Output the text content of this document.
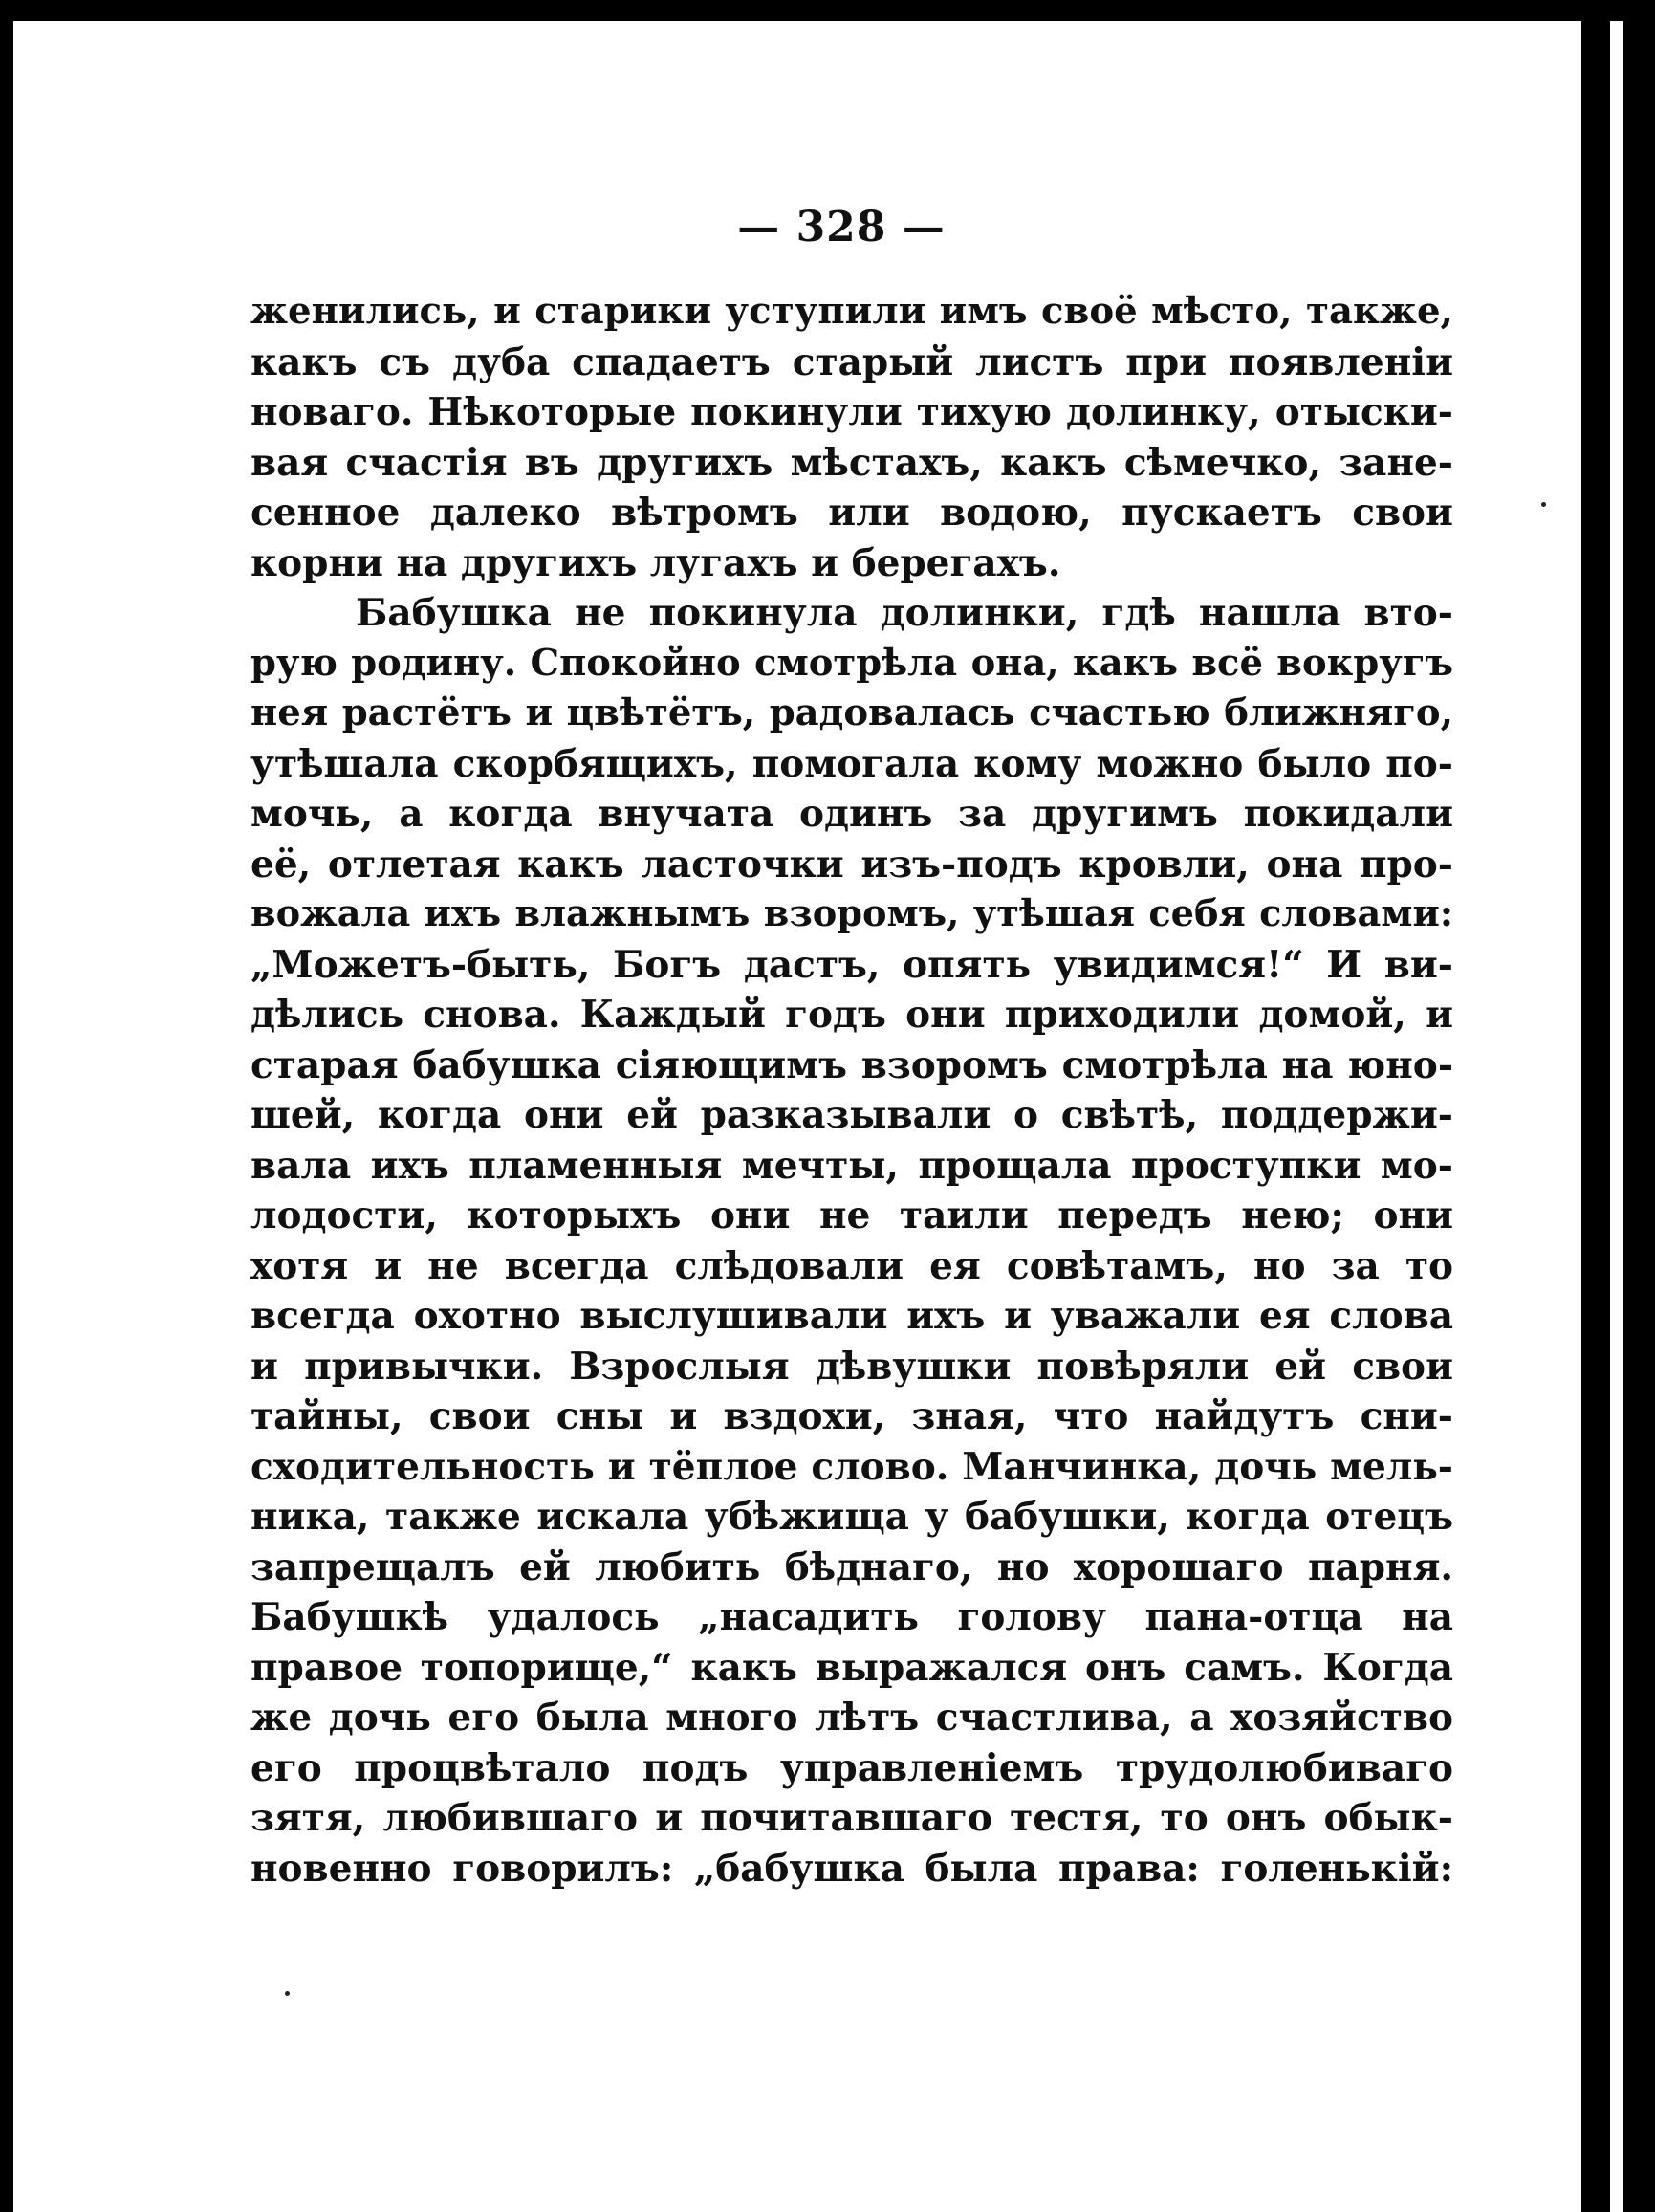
— 328 —
женились, и старики уступили имъ своё мѣсто, также,
какъ съ дуба спадаетъ старый листъ при появленіи
новаго. Нѣкоторые покинули тихую долинку, отыски-
вая счастія въ другихъ мѣстахъ, какъ сѣмечко, занe-
сенное далеко вѣтромъ или водою, пускаетъ свои
корни на другихъ лугахъ и берегахъ.
Бабушка не покинула долинки, гдѣ нашла вто-
рую родину. Спокойно смотрѣла она, какъ всё вокругъ
нея растётъ и цвѣтётъ, радовалась счастью ближняго,
утѣшала скорбящихъ, помогала кому можно было по-
мочь, а когда внучата одинъ за другимъ покидали
её, отлетая какъ ласточки изъ-подъ кровли, она про-
вожала ихъ влажнымъ взоромъ, утѣшая себя словами:
„Можетъ-быть, Богъ дастъ, опять увидимся!“ И ви-
дѣлись снова. Каждый годъ они приходили домой, и
старая бабушка сіяющимъ взоромъ смотрѣла на юно-
шей, когда они ей разказывали о свѣтѣ, поддержи-
вала ихъ пламенныя мечты, прощала проступки мо-
лодости, которыхъ они не таили передъ нею; они
хотя и не всегда слѣдовали ея совѣтамъ, но за то
всегда охотно выслушивали ихъ и уважали ея слова
и привычки. Взрослыя дѣвушки повѣряли ей свои
тайны, свои сны и вздохи, зная, что найдутъ сни-
сходительность и тёплое слово. Манчинка, дочь мель-
ника, также искала убѣжища у бабушки, когда отецъ
запрещалъ ей любить бѣднаго, но хорошаго парня.
Бабушкѣ удалось „насадить голову пана-отца на
правое топорище,“ какъ выражался онъ самъ. Когда
же дочь его была много лѣтъ счастлива, а хозяйство
его процвѣтало подъ управленіемъ трудолюбиваго
зятя, любившаго и почитавшаго тестя, то онъ обык-
новенно говорилъ: „бабушка была права: голенькій:
